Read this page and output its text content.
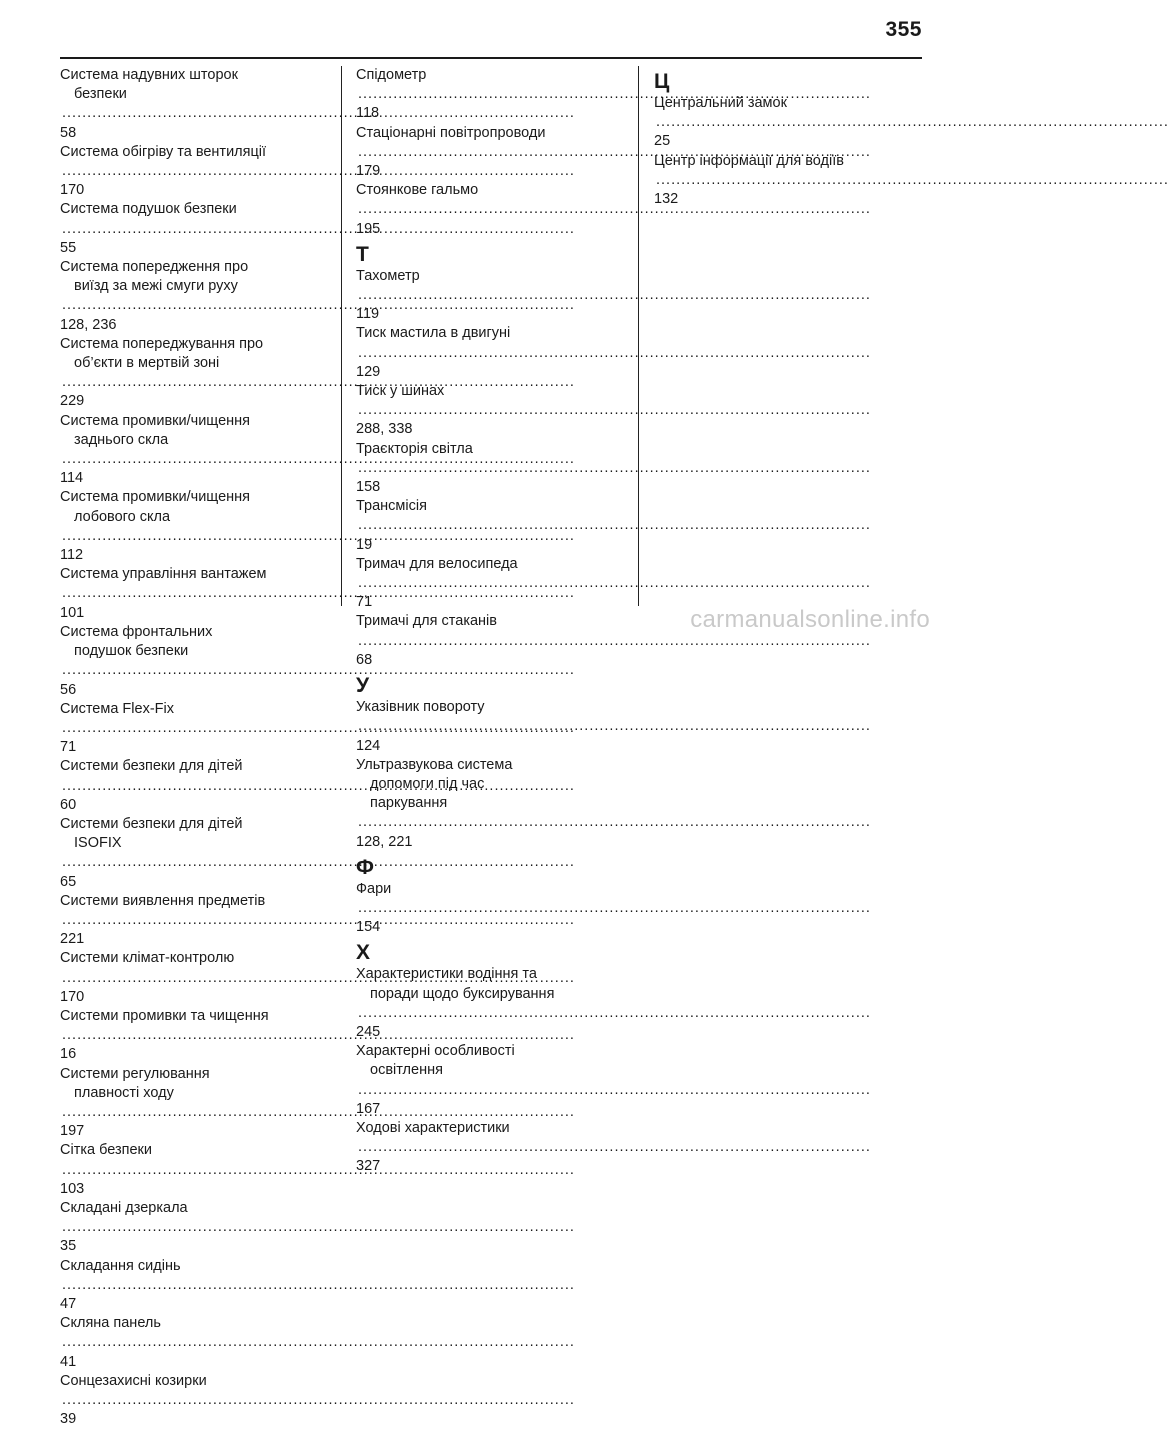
355
Система надувних шторок
безпеки
.....
58
Система обігріву та вентиляції
.....
170
Система подушок безпеки
.....
55
Система попередження про
виїзд за межі смуги руху
.....
128, 236
Система попереджування про
об’єкти в мертвій зоні
.....
229
Система промивки/чищення
заднього скла
.....
114
Система промивки/чищення
лобового скла
.....
112
Система управління вантажем
.....
101
Система фронтальних
подушок безпеки
.....
56
Система Flex-Fix
.....
71
Системи безпеки для дітей
.....
60
Системи безпеки для дітей
ISOFIX
.....
65
Системи виявлення предметів
.....
221
Системи клімат-контролю
.....
170
Системи промивки та чищення
.....
16
Системи регулювання
плавності ходу
.....
197
Сітка безпеки
.....
103
Складані дзеркала
.....
35
Складання сидінь
.....
47
Скляна панель
.....
41
Сонцезахисні козирки
.....
39
Спідометр
.....
118
Стаціонарні повітропроводи
.....
179
Стоянкове гальмо
.....
195
Т
Тахометр
.....
119
Тиск мастила в двигуні
.....
129
Тиск у шинах
.....
288, 338
Траєкторія світла
.....
158
Трансмісія
.....
19
Тримач для велосипеда
.....
71
Тримачі для стаканів
.....
68
У
Указівник повороту
.....
124
Ультразвукова система
допомоги під час
паркування
.....
128, 221
Ф
Фари
.....
154
Х
Характеристики водіння та
поради щодо буксирування
.....
245
Характерні особливості
освітлення
.....
167
Ходові характеристики
.....
327
Ц
Центральний замок
.....
25
Центр інформації для водіїв
.....
132
carmanualsonline.info
